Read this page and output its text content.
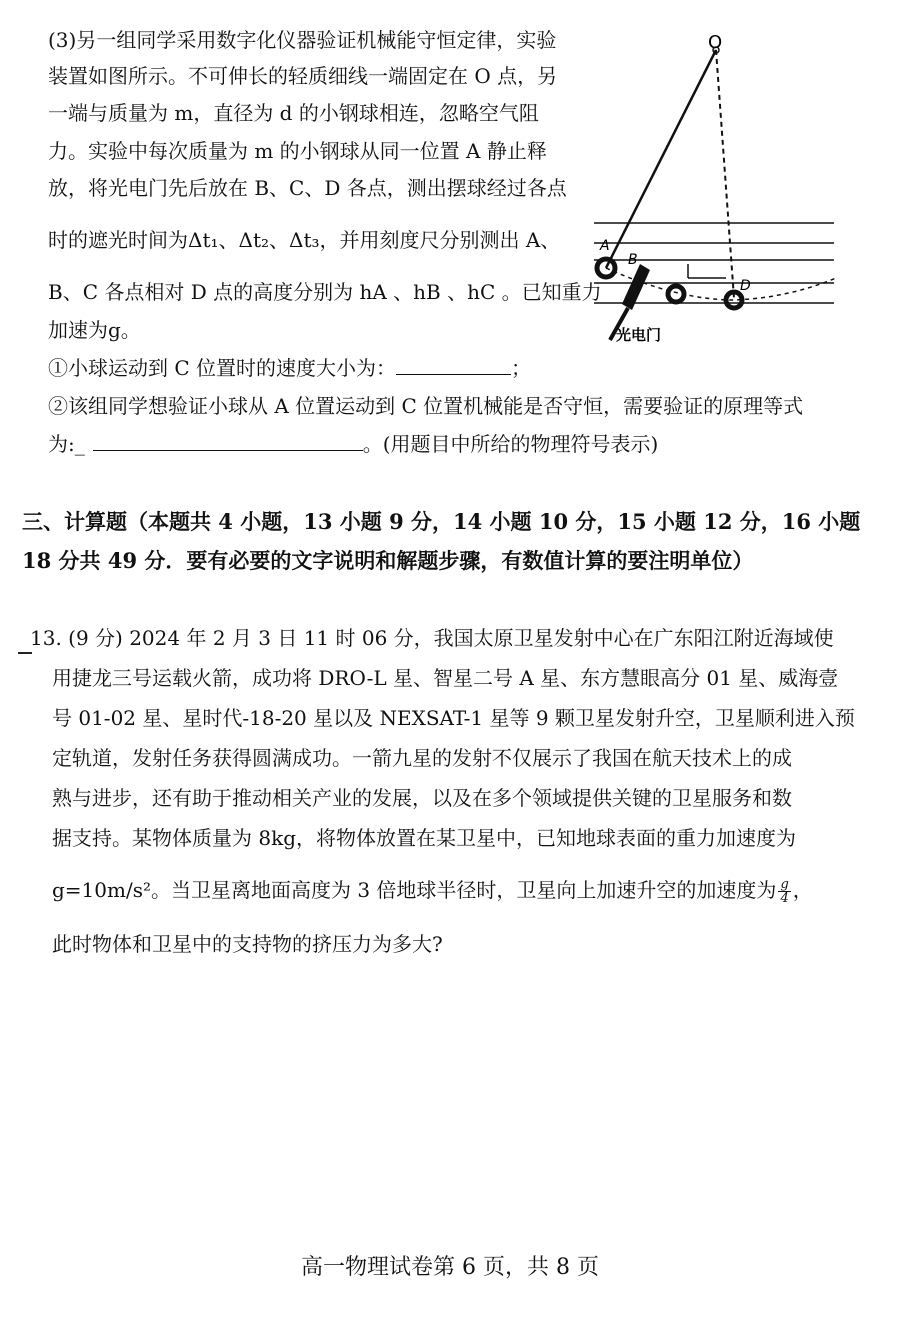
(3)另一组同学采用数字化仪器验证机械能守恒定律，实验
装置如图所示。不可伸长的轻质细线一端固定在 O 点，另
一端与质量为 m，直径为 d 的小钢球相连，忽略空气阻
力。实验中每次质量为 m 的小钢球从同一位置 A 静止释
放，将光电门先后放在 B、C、D 各点，测出摆球经过各点
时的遮光时间为Δt₁、Δt₂、Δt₃，并用刻度尺分别测出 A、
B、C 各点相对 D 点的高度分别为 hA 、hB 、hC 。已知重力
加速为g。
①小球运动到 C 位置时的速度大小为：	；
②该组同学想验证小球从 A 位置运动到 C 位置机械能是否守恒，需要验证的原理等式
为:_	。(用题目中所给的物理符号表示)
O
A
B
D
光电门
三、计算题（本题共 4 小题，13 小题 9 分，14 小题 10 分，15 小题 12 分，16 小题
18 分共 49 分．要有必要的文字说明和解题步骤，有数值计算的要注明单位）
13. (9 分) 2024 年 2 月 3 日 11 时 06 分，我国太原卫星发射中心在广东阳江附近海域使
用捷龙三号运载火箭，成功将 DRO-L 星、智星二号 A 星、东方慧眼高分 01 星、威海壹
号 01-02 星、星时代-18-20 星以及 NEXSAT-1 星等 9 颗卫星发射升空，卫星顺利进入预
定轨道，发射任务获得圆满成功。一箭九星的发射不仅展示了我国在航天技术上的成
熟与进步，还有助于推动相关产业的发展，以及在多个领域提供关键的卫星服务和数
据支持。某物体质量为 8kg，将物体放置在某卫星中，已知地球表面的重力加速度为
g=10m/s²。当卫星离地面高度为 3 倍地球半径时，卫星向上加速升空的加速度为 $\frac{g}{4}$ ，
此时物体和卫星中的支持物的挤压力为多大?
高一物理试卷第 6 页，共 8 页
